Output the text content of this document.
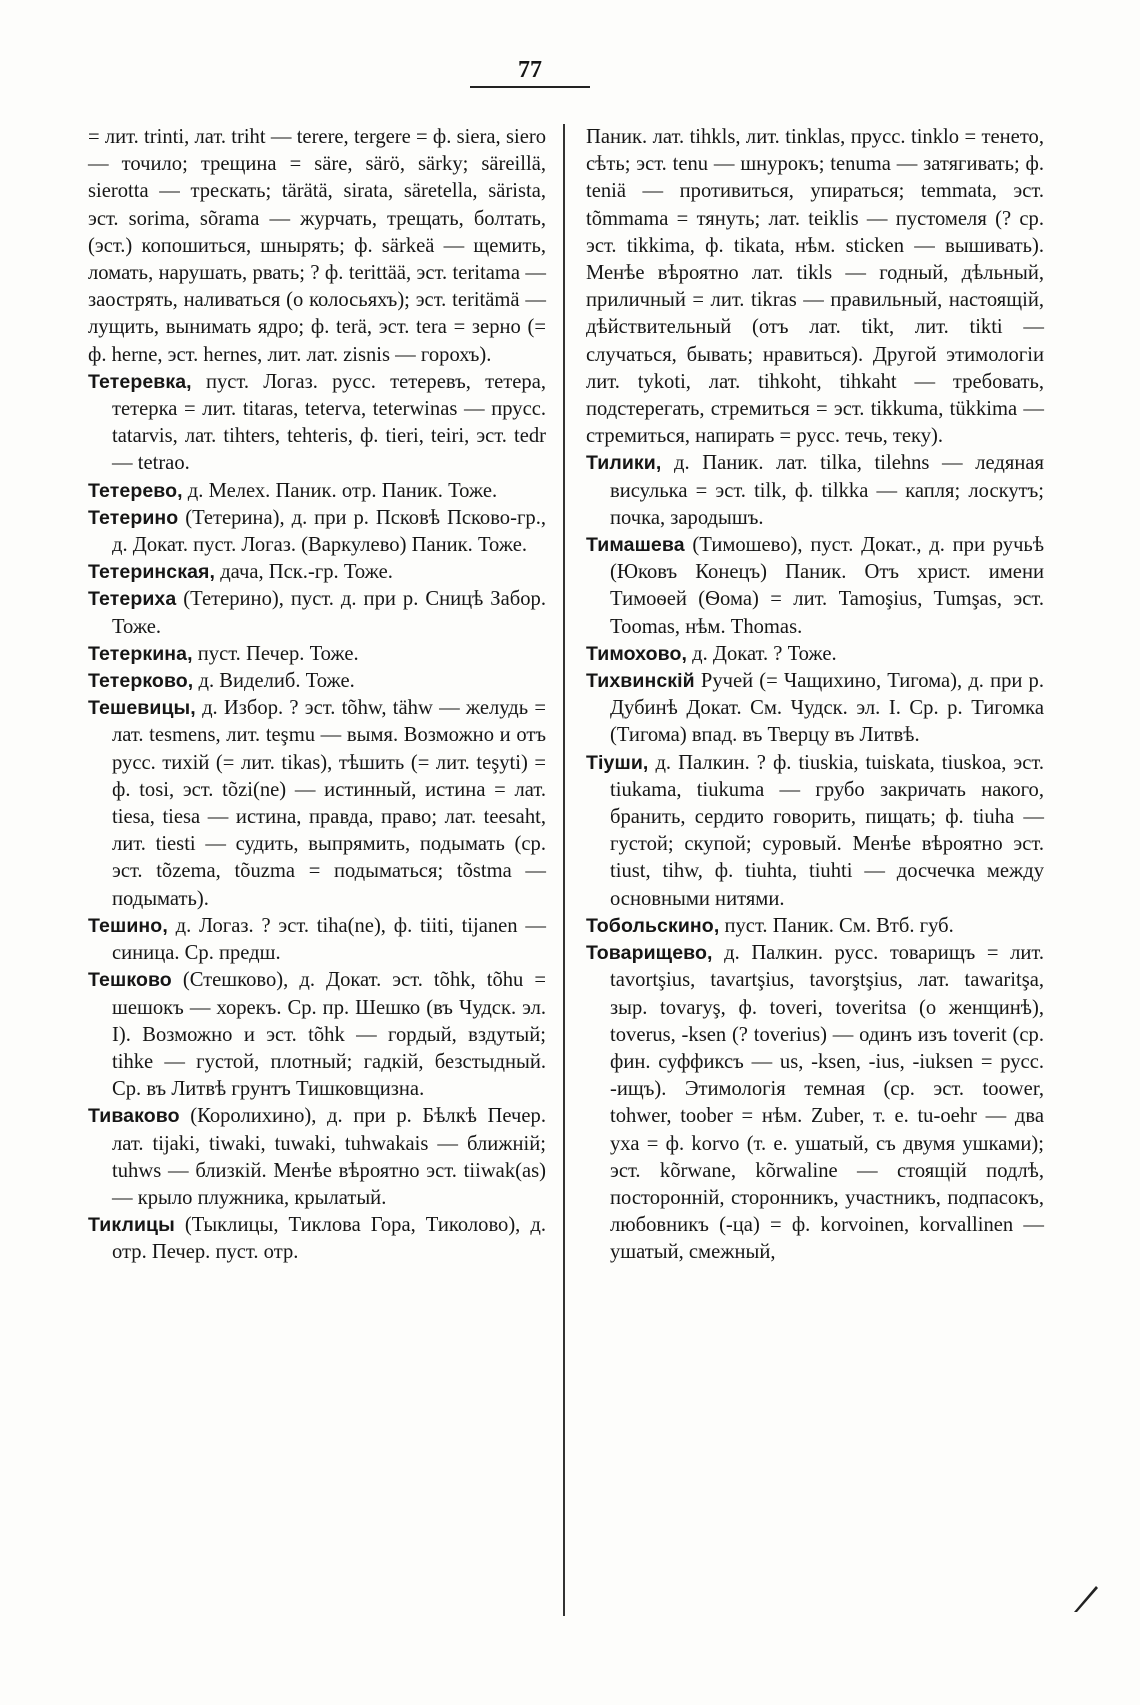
77

= лит. trinti, лат. triht — terere, tergere = ф. siera, siero — точило; трещина = säre, särö, särky; säreillä, sierotta — трескать; tärätä, sirata, säretella, särista, эст. sorima, sõrama — журчать, трещать, болтать,(эст.) копошиться, шнырять; ф. särkeä — щемить, ломать, нарушать, рвать; ? ф. terittää, эст. teritama — заострять, наливаться (о колосьяхъ); эст. teritämä — лущить, вынимать ядро; ф. terä, эст. tera = зерно (= ф. herne, эст. hernes, лит. лат. zisnis — горохъ).

Тетеревка, пуст. Логаз. русс. тетеревъ, тетера, тетерка = лит. titaras, teterva, teterwinas — прусс. tatarvis, лат. tihters, tehteris, ф. tieri, teiri, эст. tedr — tetrao.

Тетерево, д. Мелех. Паник. отр. Паник. Тоже.

Тетерино (Тетерина), д. при р. Псковѣ Псково-гр., д. Докат. пуст. Логаз. (Варкулево) Паник. Тоже.

Тетеринская, дача, Пск.-гр. Тоже.

Тетериха (Тетерино), пуст. д. при р. Сницѣ Забор. Тоже.

Тетеркина, пуст. Печер. Тоже.

Тетерково, д. Виделиб. Тоже.

Тешевицы, д. Избор. ? эст. tõhw, tähw — желудь = лат. tesmens, лит. teşmu — вымя. Возможно и отъ русс. тихій (= лит. tikas), тѣшить (= лит. teşyti) = ф. tosi, эст. tõzi(ne) — истинный, истина = лат. tiesa, tiesa — истина, правда, право; лат. teesaht, лит. tiesti — судить, выпрямить, подымать (ср. эст. tõzema, tõuzma = подыматься; tõstma — подымать).

Тешино, д. Логаз. ? эст. tiha(ne), ф. tiiti, tijanen — синица. Ср. предш.

Тешково (Стешково), д. Докат. эст. tõhk, tõhu = шешокъ — хорекъ. Ср. пр. Шешко (въ Чудск. эл. I). Возможно и эст. tõhk — гордый, вздутый; tihke — густой, плотный; гадкій, безстыдный. Ср. въ Литвѣ грунтъ Тишковщизна.

Тиваково (Королихино), д. при р. Бѣлкѣ Печер. лат. tijaki, tiwaki, tuwaki, tuhwakais — ближній; tuhws — близкій. Менѣе вѣроятно эст. tiiwak(as) — крыло плужника, крылатый.

Тиклицы (Тыклицы, Тиклова Гора, Тиколово), д. отр. Печер. пуст. отр.

Паник. лат. tihkls, лит. tinklas, прусс. tinklo = тенето, сѣть; эст. tenu — шнурокъ; tenuma — затягивать; ф. teniä — противиться, упираться; temmata, эст. tõmmama = тянуть; лат. teiklis — пустомеля (? ср. эст. tikkima, ф. tikata, нѣм. sticken — вышивать). Менѣе вѣроятно лат. tikls — годный, дѣльный, приличный = лит. tikras — правильный, настоящій, дѣйствительный (отъ лат. tikt, лит. tikti — случаться, бывать; нравиться). Другой этимологіи лит. tykoti, лат. tihkoht, tihkaht — требовать, подстерегать, стремиться = эст. tikkuma, tükkima — стремиться, напирать = русс. течь, теку).

Тилики, д. Паник. лат. tilka, tilehns — ледяная висулька = эст. tilk, ф. tilkka — капля; лоскутъ; почка, зародышъ.

Тимашева (Тимошево), пуст. Докат., д. при ручьѣ (Юковъ Конецъ) Паник. Отъ христ. имени Тимоѳей (Ѳома) = лит. Tamoşius, Tumşas, эст. Toomas, нѣм. Thomas.

Тимохово, д. Докат. ? Тоже.

Тихвинскій Ручей (= Чащихино, Тигома), д. при р. Дубинѣ Докат. См. Чудск. эл. I. Ср. р. Тигомка (Тигома) впад. въ Тверцу въ Литвѣ.

Тіуши, д. Палкин. ? ф. tiuskia, tuiskata, tiuskoa, эст. tiukama, tiukuma — грубо закричать накого, бранить, сердито говорить, пищать; ф. tiuha — густой; скупой; суровый. Менѣе вѣроятно эст. tiust, tihw, ф. tiuhta, tiuhti — досчечка между основными нитями.

Тобольскино, пуст. Паник. См. Втб. губ.

Товарищево, д. Палкин. русс. товарищъ = лит. tavortşius, tavartşius, tavorştşius, лат. tawaritşa, зыр. tovaryş, ф. toveri, toveritsa (о женщинѣ), toverus, -ksen (? toverius) — одинъ изъ toverit (ср. фин. суффиксъ — us, -ksen, -ius, -iuksen = русс. -ищъ). Этимологія темная (ср. эст. toower, tohwer, toober = нѣм. Zuber, т. е. tu-oehr — два уха = ф. korvo (т. е. ушатый, съ двумя ушками); эст. kõrwane, kõrwaline — стоящій подлѣ, посторонній, сторонникъ, участникъ, подпасокъ, любовникъ (-ца) = ф. korvoinen, korvallinen — ушатый, смежный,
